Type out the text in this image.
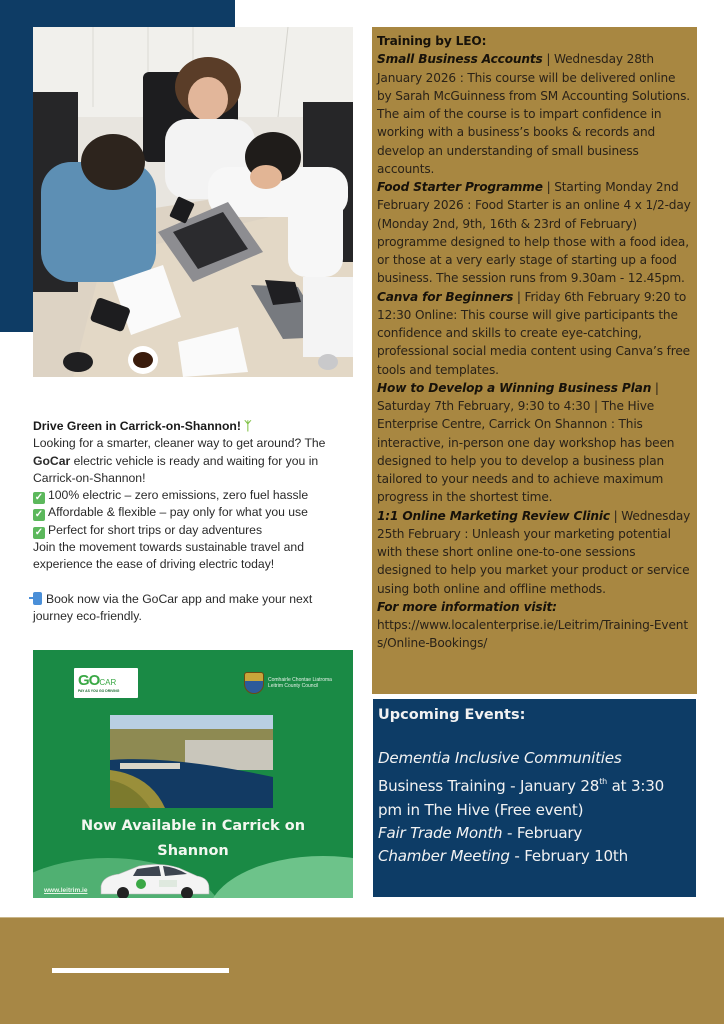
Drive Green in Carrick-on-Shannon! ᛉ
Looking for a smarter, cleaner way to get around? The GoCar electric vehicle is ready and waiting for you in Carrick-on-Shannon!
✓ 100% electric – zero emissions, zero fuel hassle
✓ Affordable & flexible – pay only for what you use
✓ Perfect for short trips or day adventures
Join the movement towards sustainable travel and experience the ease of driving electric today!
Book now via the GoCar app and make your next journey eco-friendly.
GOCAR
PAY AS YOU GO DRIVING
Comhairle Chontae Liatroma
Leitrim County Council
Now Available in Carrick on
Shannon
www.leitrim.ie
Training by LEO:
Small Business Accounts | Wednesday 28th January 2026 : This course will be delivered online by Sarah McGuinness from SM Accounting Solutions. The aim of the course is to impart confidence in working with a business’s books & records and develop an understanding of small business accounts.
Food Starter Programme | Starting Monday 2nd February 2026 : Food Starter is an online 4 x 1/2-day (Monday 2nd, 9th, 16th & 23rd of February) programme designed to help those with a food idea, or those at a very early stage of starting up a food business. The session runs from 9.30am - 12.45pm.
Canva for Beginners | Friday 6th February 9:20 to 12:30 Online: This course will give participants the confidence and skills to create eye-catching, professional social media content using Canva’s free tools and templates.
How to Develop a Winning Business Plan | Saturday 7th February, 9:30 to 4:30 | The Hive Enterprise Centre, Carrick On Shannon : This interactive, in-person one day workshop has been designed to help you to develop a business plan tailored to your needs and to achieve maximum progress in the shortest time.
1:1 Online Marketing Review Clinic | Wednesday 25th February : Unleash your marketing potential with these short online one-to-one sessions designed to help you market your product or service using both online and offline methods.
For more information visit:
https://www.localenterprise.ie/Leitrim/Training-Events/Online-Bookings/
Upcoming Events:
Dementia Inclusive Communities
Business Training - January 28th at 3:30 pm in The Hive (Free event)
Fair Trade Month - February
Chamber Meeting - February 10th
